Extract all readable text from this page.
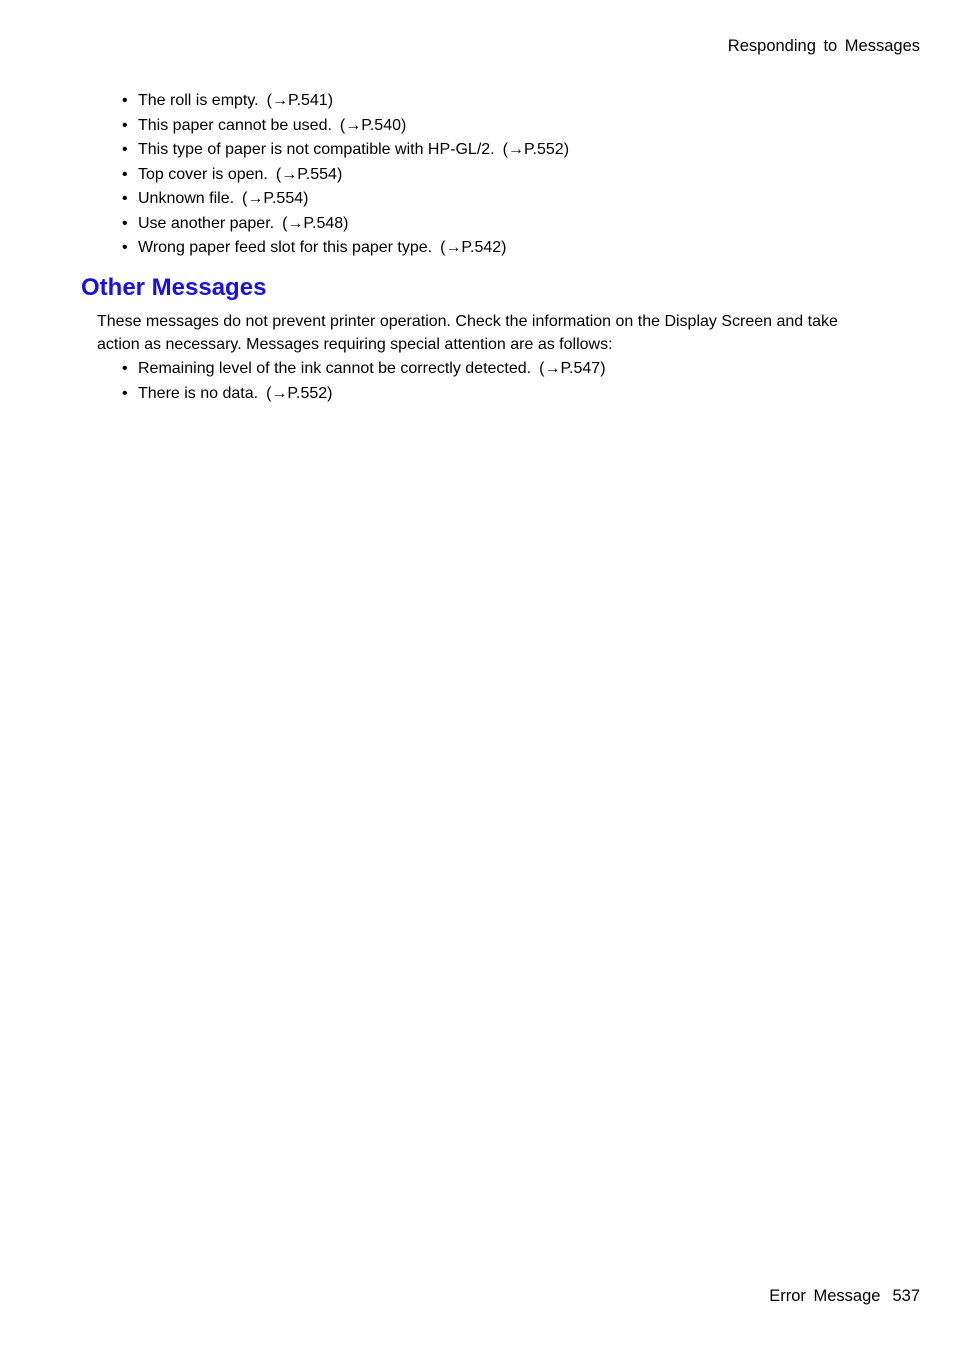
Responding to Messages
• The roll is empty. (→P.541)
• This paper cannot be used. (→P.540)
• This type of paper is not compatible with HP-GL/2. (→P.552)
• Top cover is open. (→P.554)
• Unknown file. (→P.554)
• Use another paper. (→P.548)
• Wrong paper feed slot for this paper type. (→P.542)
Other Messages

These messages do not prevent printer operation. Check the information on the Display Screen and take action as necessary. Messages requiring special attention are as follows:

• Remaining level of the ink cannot be correctly detected. (→P.547)
• There is no data. (→P.552)
Error Message 537
